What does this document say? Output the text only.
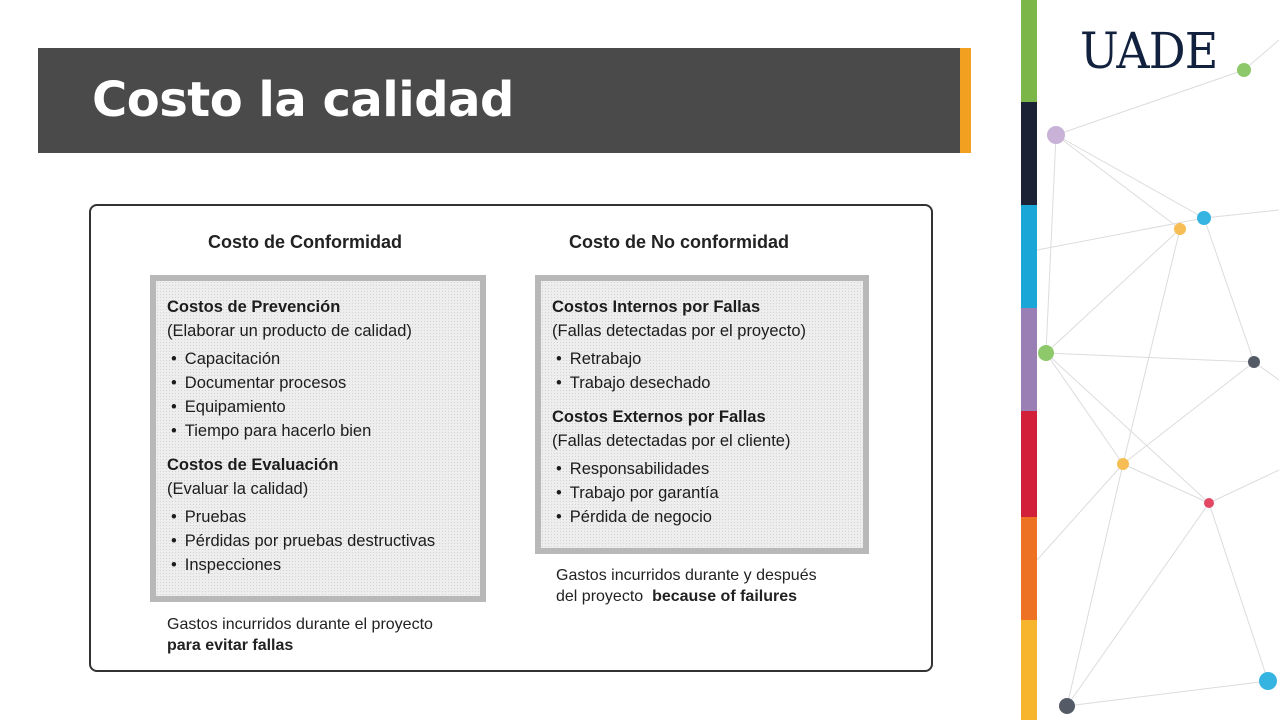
Costo la calidad
UADE
Costo de Conformidad	Costo de No conformidad
Costos de Prevención
(Elaborar un producto de calidad)
• Capacitación
• Documentar procesos
• Equipamiento
• Tiempo para hacerlo bien
Costos de Evaluación
(Evaluar la calidad)
• Pruebas
• Pérdidas por pruebas destructivas
• Inspecciones
Costos Internos por Fallas
(Fallas detectadas por el proyecto)
• Retrabajo
• Trabajo desechado
Costos Externos por Fallas
(Fallas detectadas por el cliente)
• Responsabilidades
• Trabajo por garantía
• Pérdida de negocio
Gastos incurridos durante el proyecto
para evitar fallas
Gastos incurridos durante y después
del proyecto because of failures
